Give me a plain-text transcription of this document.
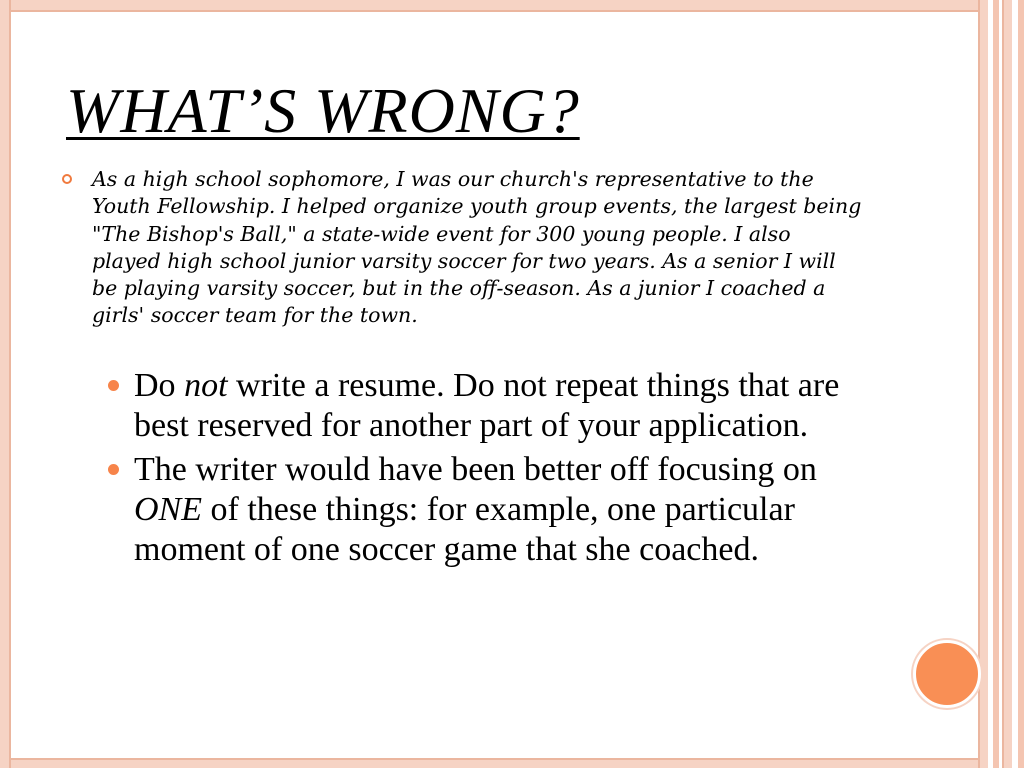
WHAT’S WRONG?

As a high school sophomore, I was our church's representative to the Youth Fellowship. I helped organize youth group events, the largest being "The Bishop's Ball," a state-wide event for 300 young people. I also played high school junior varsity soccer for two years. As a senior I will be playing varsity soccer, but in the off-season. As a junior I coached a girls' soccer team for the town.

Do not write a resume. Do not repeat things that are best reserved for another part of your application.
The writer would have been better off focusing on ONE of these things: for example, one particular moment of one soccer game that she coached.
